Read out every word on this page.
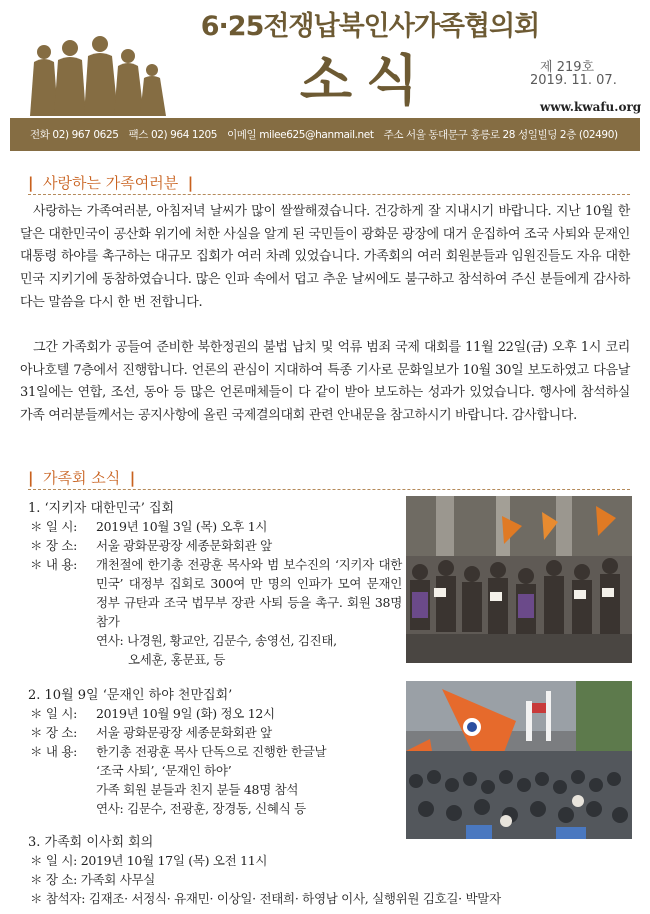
6·25전쟁납북인사가족협의회
소식	제 219호
2019. 11. 07.
www.kwafu.org
전화 02) 967 0625 팩스 02) 964 1205 이메일 milee625@hanmail.net 주소 서울 동대문구 홍릉로 28 성일빌딩 2층 (02490)
| 사랑하는 가족여러분 |

사랑하는 가족여러분, 아침저녁 날씨가 많이 쌀쌀해졌습니다. 건강하게 잘 지내시기 바랍니다. 지난 10월 한 달은 대한민국이 공산화 위기에 처한 사실을 알게 된 국민들이 광화문 광장에 대거 운집하여 조국 사퇴와 문재인 대통령 하야를 촉구하는 대규모 집회가 여러 차례 있었습니다. 가족회의 여러 회원분들과 임원진들도 자유 대한민국 지키기에 동참하였습니다. 많은 인파 속에서 덥고 추운 날씨에도 불구하고 참석하여 주신 분들에게 감사하다는 말씀을 다시 한 번 전합니다.

그간 가족회가 공들여 준비한 북한정권의 불법 납치 및 억류 범죄 국제 대회를 11월 22일(금) 오후 1시 코리아나호텔 7층에서 진행합니다. 언론의 관심이 지대하여 특종 기사로 문화일보가 10월 30일 보도하였고 다음날 31일에는 연합, 조선, 동아 등 많은 언론매체들이 다 같이 받아 보도하는 성과가 있었습니다. 행사에 참석하실 가족 여러분들께서는 공지사항에 올린 국제결의대회 관련 안내문을 참고하시기 바랍니다. 감사합니다.

| 가족회 소식 |
1. ‘지키자 대한민국’ 집회
＊ 일 시:	2019년 10월 3일 (목) 오후 1시
＊ 장 소:	서울 광화문광장 세종문화회관 앞
＊ 내 용:	개천절에 한기총 전광훈 목사와 범 보수진의 ‘지키자 대한민국’ 대정부 집회로 300여 만 명의 인파가 모여 문재인 정부 규탄과 조국 법무부 장관 사퇴 등을 촉구. 회원 38명 참가
연사: 나경원, 황교안, 김문수, 송영선, 김진태,
오세훈, 홍문표, 등
2. 10월 9일 ‘문재인 하야 천만집회’
＊ 일 시:	2019년 10월 9일 (화) 정오 12시
＊ 장 소:	서울 광화문광장 세종문화회관 앞
＊ 내 용:	한기총 전광훈 목사 단독으로 진행한 한글날
‘조국 사퇴’, ‘문재인 하야’
가족 회원 분들과 친지 분들 48명 참석
연사: 김문수, 전광훈, 장경동, 신혜식 등
3. 가족회 이사회 회의
＊ 일 시: 2019년 10월 17일 (목) 오전 11시
＊ 장 소: 가족회 사무실
＊ 참석자: 김재조· 서정식· 유재민· 이상일· 전태희· 하영남 이사, 실행위원 김호길· 박말자
